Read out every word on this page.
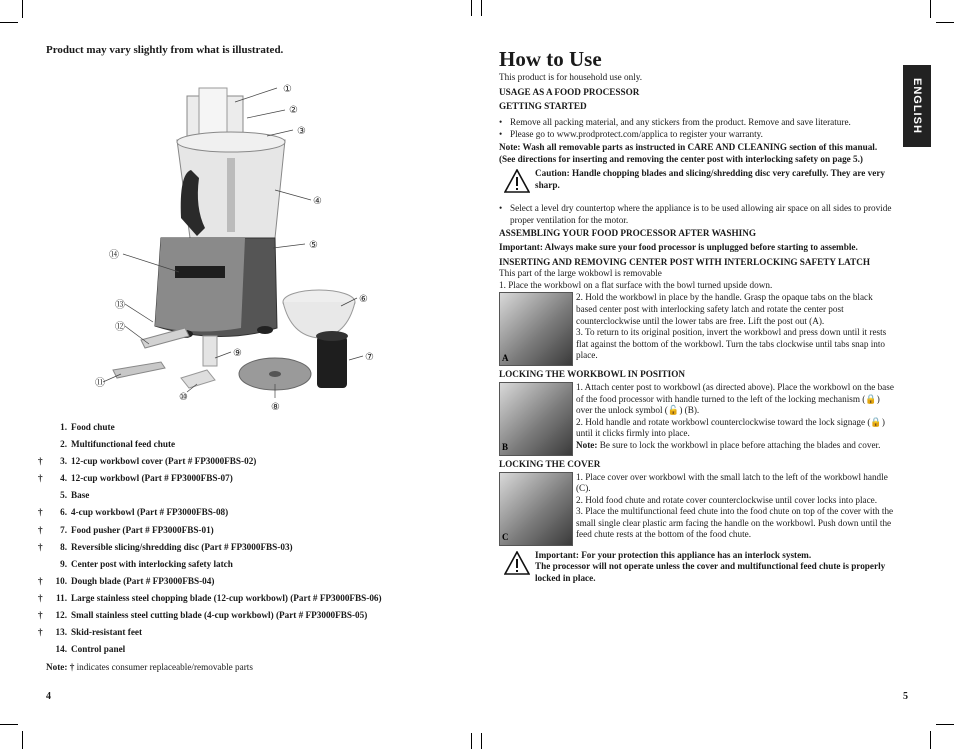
Product may vary slightly from what is illustrated.
①
②
③
④
⑤
⑥
⑦
⑧
⑨
⑩
⑪
⑫
⑬
⑭
1. Food chute
2. Multifunctional feed chute
†	3. 12-cup workbowl cover (Part # FP3000FBS-02)
†	4. 12-cup workbowl (Part # FP3000FBS-07)
5. Base
†	6. 4-cup workbowl (Part # FP3000FBS-08)
†	7. Food pusher (Part # FP3000FBS-01)
†	8. Reversible slicing/shredding disc (Part # FP3000FBS-03)
9. Center post with interlocking safety latch
†	10. Dough blade (Part # FP3000FBS-04)
†	11. Large stainless steel chopping blade (12-cup workbowl) (Part # FP3000FBS-06)
†	12. Small stainless steel cutting blade (4-cup workbowl) (Part # FP3000FBS-05)
†	13. Skid-resistant feet
14. Control panel
Note: † indicates consumer replaceable/removable parts
4
How to Use

This product is for household use only.

USAGE AS A FOOD PROCESSOR

GETTING STARTED

• Remove all packing material, and any stickers from the product. Remove and save literature.
• Please go to www.prodprotect.com/applica to register your warranty.

Note: Wash all removable parts as instructed in CARE AND CLEANING section of this manual. (See directions for inserting and removing the center post with interlocking safety on page 5.)

Caution: Handle chopping blades and slicing/shredding disc very carefully. They are very sharp.
• Select a level dry countertop where the appliance is to be used allowing air space on all sides to provide proper ventilation for the motor.

ASSEMBLING YOUR FOOD PROCESSOR AFTER WASHING

Important: Always make sure your food processor is unplugged before starting to assemble.

INSERTING AND REMOVING CENTER POST WITH INTERLOCKING SAFETY LATCH

This part of the large wokbowl is removable

1. Place the workbowl on a flat surface with the bowl turned upside down.

A

2. Hold the workbowl in place by the handle. Grasp the opaque tabs on the black based center post with interlocking safety latch and rotate the center post counterclockwise until the lower tabs are free. Lift the post out (A).

3. To return to its original position, invert the workbowl and press down until it rests flat against the bottom of the workbowl. Turn the tabs clockwise until tabs snap into place.

LOCKING THE WORKBOWL IN POSITION

B

1. Attach center post to workbowl (as directed above). Place the workbowl on the base of the food processor with handle turned to the left of the locking mechanism (🔒) over the unlock symbol (🔓) (B).

2. Hold handle and rotate workbowl counterclockwise toward the lock signage (🔒) until it clicks firmly into place.

Note: Be sure to lock the workbowl in place before attaching the blades and cover.

LOCKING THE COVER

C

1. Place cover over workbowl with the small latch to the left of the workbowl handle (C).

2. Hold food chute and rotate cover counterclockwise until cover locks into place.

3. Place the multifunctional feed chute into the food chute on top of the cover with the small single clear plastic arm facing the handle on the workbowl. Push down until the feed chute rests at the bottom of the food chute.

Important: For your protection this appliance has an interlock system.
The processor will not operate unless the cover and multifunctional feed chute is properly locked in place.
ENGLISH
5
